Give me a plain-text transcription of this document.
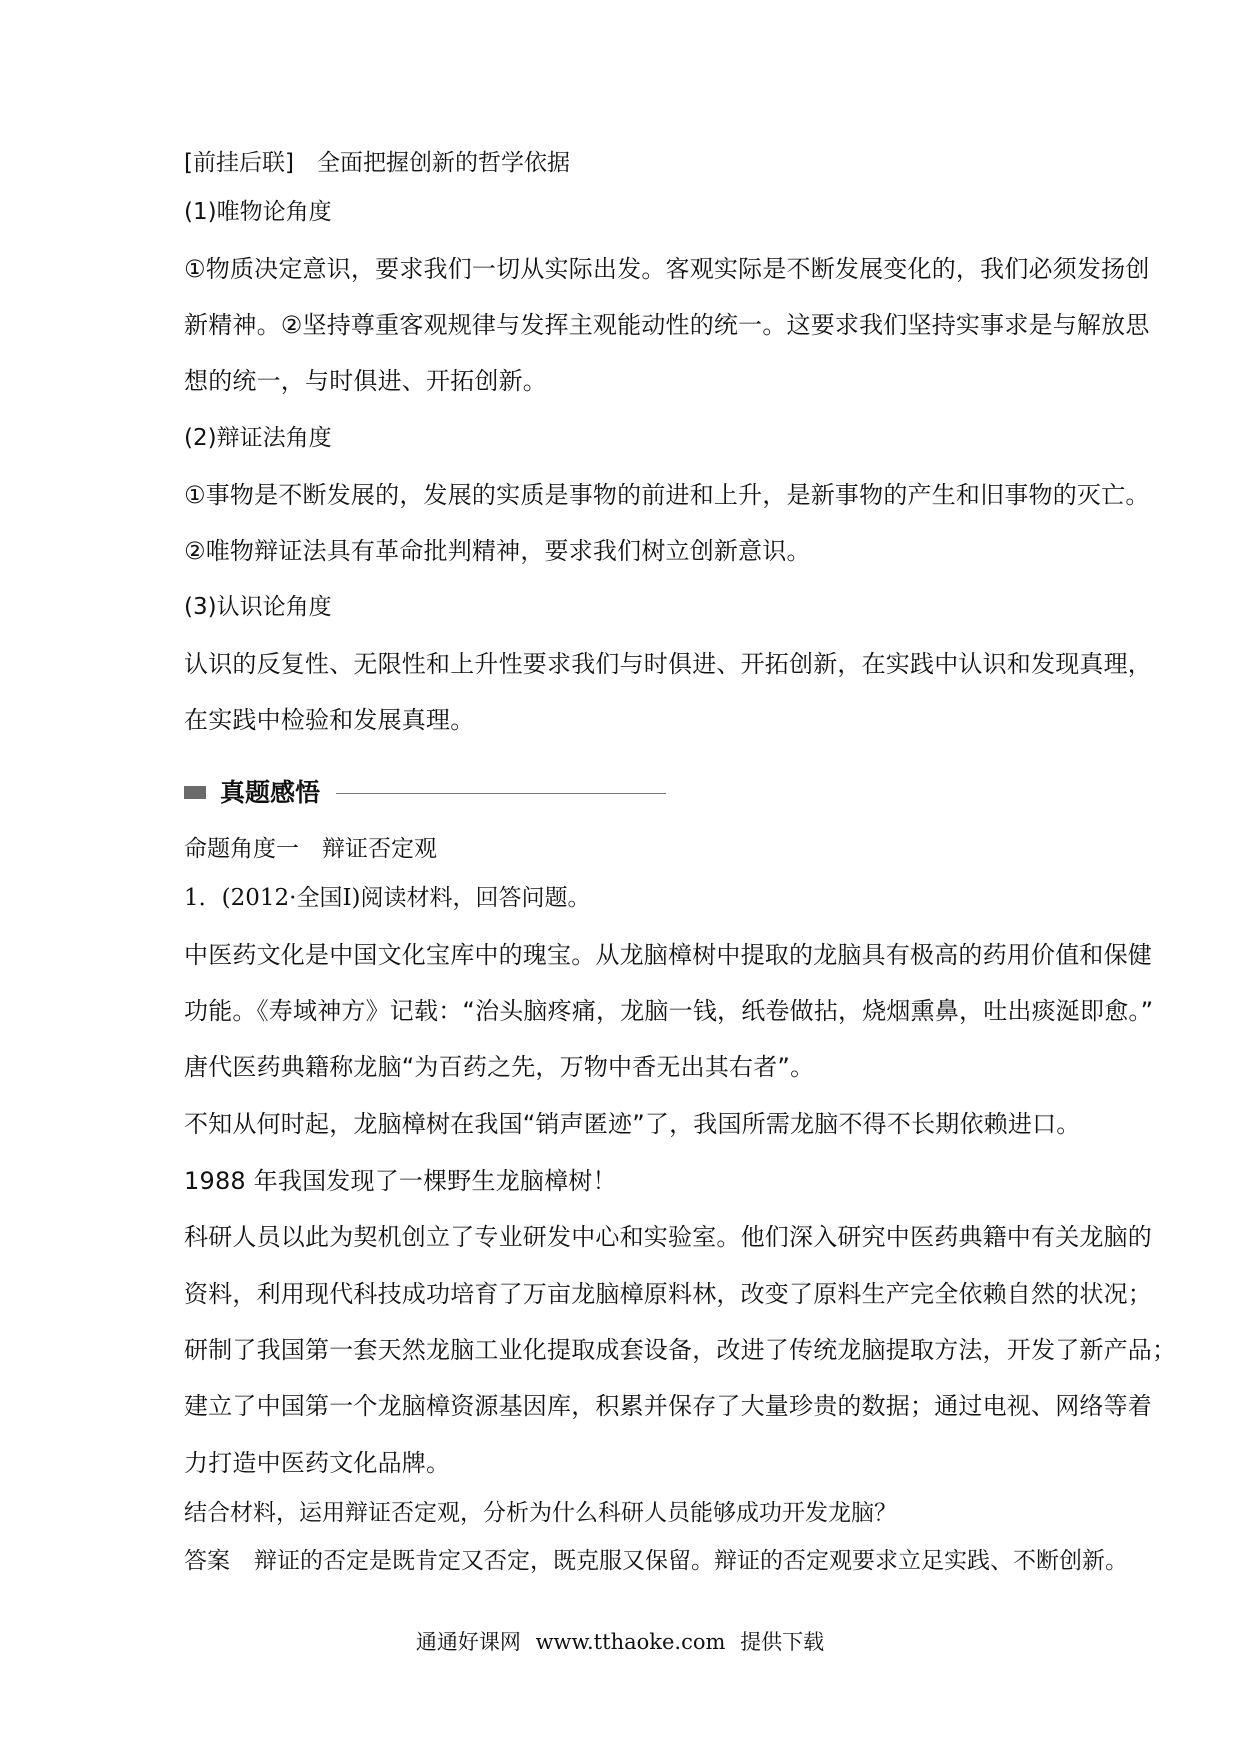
[前挂后联]　全面把握创新的哲学依据
(1)唯物论角度
①物质决定意识，要求我们一切从实际出发。客观实际是不断发展变化的，我们必须发扬创
新精神。②坚持尊重客观规律与发挥主观能动性的统一。这要求我们坚持实事求是与解放思
想的统一，与时俱进、开拓创新。
(2)辩证法角度
①事物是不断发展的，发展的实质是事物的前进和上升，是新事物的产生和旧事物的灭亡。
②唯物辩证法具有革命批判精神，要求我们树立创新意识。
(3)认识论角度
认识的反复性、无限性和上升性要求我们与时俱进、开拓创新，在实践中认识和发现真理，
在实践中检验和发展真理。
真题感悟
命题角度一　辩证否定观
1．(2012·全国Ⅰ)阅读材料，回答问题。
中医药文化是中国文化宝库中的瑰宝。从龙脑樟树中提取的龙脑具有极高的药用价值和保健
功能。《寿域神方》记载：“治头脑疼痛，龙脑一钱，纸卷做拈，烧烟熏鼻，吐出痰涎即愈。”
唐代医药典籍称龙脑“为百药之先，万物中香无出其右者”。
不知从何时起，龙脑樟树在我国“销声匿迹”了，我国所需龙脑不得不长期依赖进口。
1988 年我国发现了一棵野生龙脑樟树！
科研人员以此为契机创立了专业研发中心和实验室。他们深入研究中医药典籍中有关龙脑的
资料，利用现代科技成功培育了万亩龙脑樟原料林，改变了原料生产完全依赖自然的状况；
研制了我国第一套天然龙脑工业化提取成套设备，改进了传统龙脑提取方法，开发了新产品；
建立了中国第一个龙脑樟资源基因库，积累并保存了大量珍贵的数据；通过电视、网络等着
力打造中医药文化品牌。
结合材料，运用辩证否定观，分析为什么科研人员能够成功开发龙脑？
答案 辩证的否定是既肯定又否定，既克服又保留。辩证的否定观要求立足实践、不断创新。
通通好课网 www.tthaoke.com 提供下载
